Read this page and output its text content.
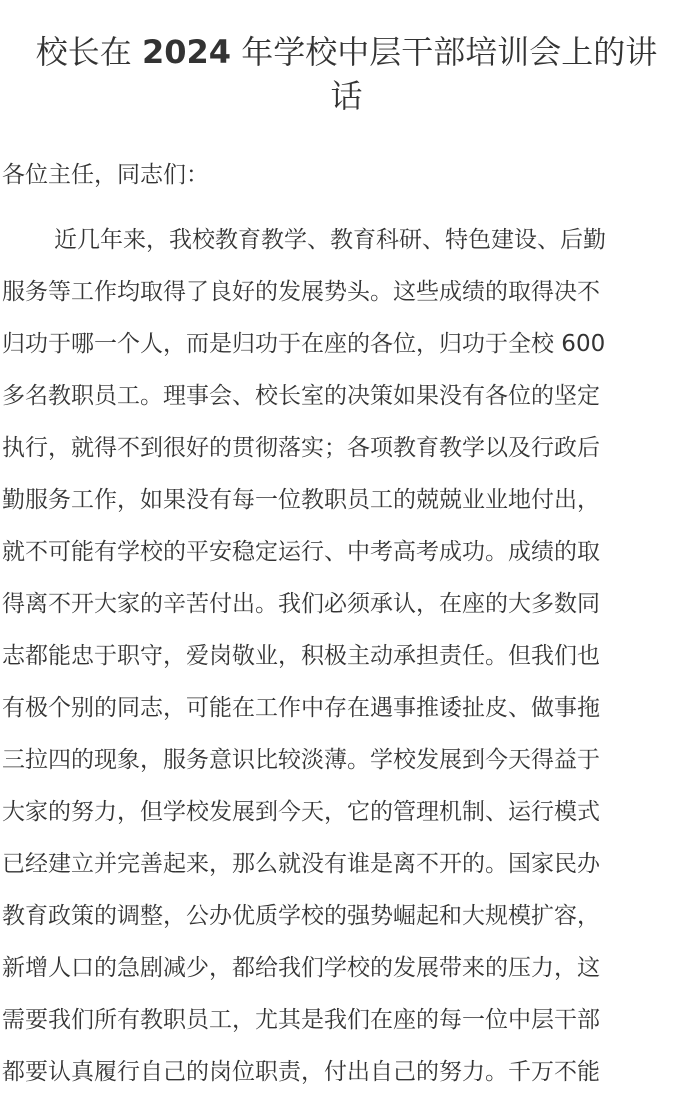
校长在 2024 年学校中层干部培训会上的讲
话
各位主任，同志们：
近几年来，我校教育教学、教育科研、特色建设、后勤
服务等工作均取得了良好的发展势头。这些成绩的取得决不
归功于哪一个人，而是归功于在座的各位，归功于全校 600
多名教职员工。理事会、校长室的决策如果没有各位的坚定
执行，就得不到很好的贯彻落实；各项教育教学以及行政后
勤服务工作，如果没有每一位教职员工的兢兢业业地付出，
就不可能有学校的平安稳定运行、中考高考成功。成绩的取
得离不开大家的辛苦付出。我们必须承认，在座的大多数同
志都能忠于职守，爱岗敬业，积极主动承担责任。但我们也
有极个别的同志，可能在工作中存在遇事推诿扯皮、做事拖
三拉四的现象，服务意识比较淡薄。学校发展到今天得益于
大家的努力，但学校发展到今天，它的管理机制、运行模式
已经建立并完善起来，那么就没有谁是离不开的。国家民办
教育政策的调整，公办优质学校的强势崛起和大规模扩容，
新增人口的急剧减少，都给我们学校的发展带来的压力，这
需要我们所有教职员工，尤其是我们在座的每一位中层干部
都要认真履行自己的岗位职责，付出自己的努力。千万不能
